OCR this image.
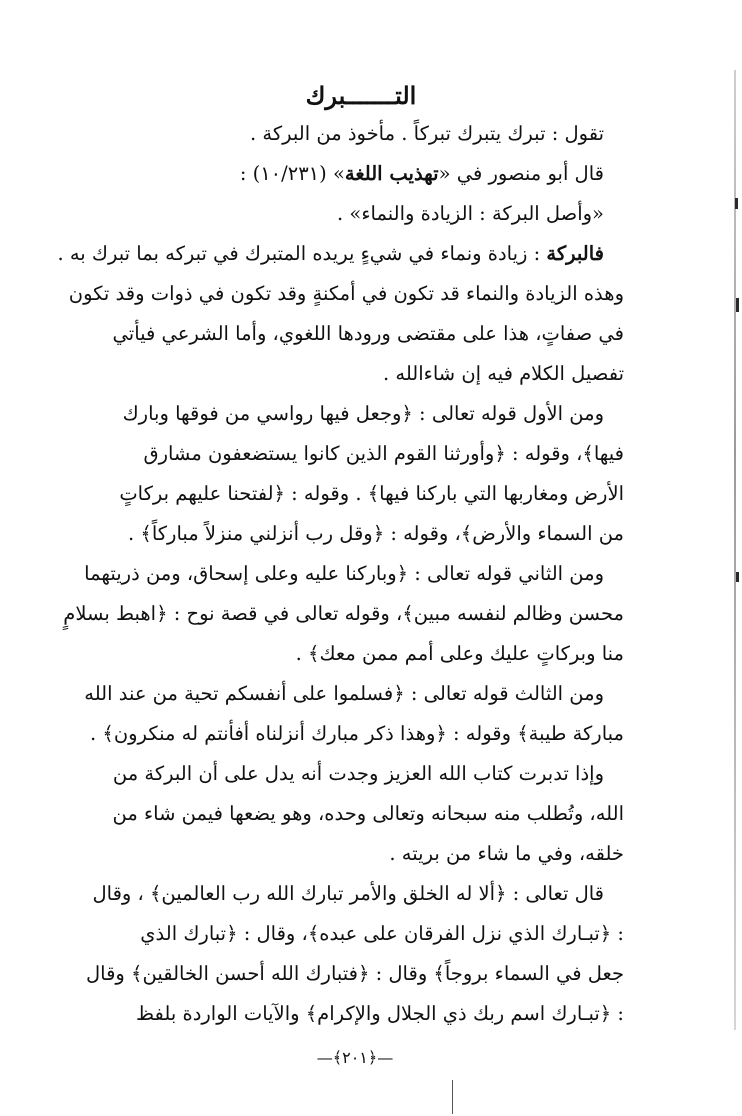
التـــــــبرك

تقول : تبرك يتبرك تبركاً . مأخوذ من البركة .

قال أبو منصور في «تهذيب اللغة» (١٠/٢٣١) :

«وأصل البركة : الزيادة والنماء» .

فالبركة : زيادة ونماء في شيءٍ يريده المتبرك في تبركه بما تبرك به .

وهذه الزيادة والنماء قد تكون في أمكنةٍ وقد تكون في ذوات وقد تكون
في صفاتٍ، هذا على مقتضى ورودها اللغوي، وأما الشرعي فيأتي
تفصيل الكلام فيه إن شاءالله .

ومن الأول قوله تعالى : ﴿وجعل فيها رواسي من فوقها وبارك
فيها﴾، وقوله : ﴿وأورثنا القوم الذين كانوا يستضعفون مشارق
الأرض ومغاربها التي باركنا فيها﴾ . وقوله : ﴿لفتحنا عليهم بركاتٍ
من السماء والأرض﴾، وقوله : ﴿وقل رب أنزلني منزلاً مباركاً﴾ .

ومن الثاني قوله تعالى : ﴿وباركنا عليه وعلى إسحاق، ومن ذريتهما
محسن وظالم لنفسه مبين﴾، وقوله تعالى في قصة نوح : ﴿اهبط بسلامٍ
منا وبركاتٍ عليك وعلى أمم ممن معك﴾ .

ومن الثالث قوله تعالى : ﴿فسلموا على أنفسكم تحية من عند الله
مباركة طيبة﴾ وقوله : ﴿وهذا ذكر مبارك أنزلناه أفأنتم له منكرون﴾ .

وإذا تدبرت كتاب الله العزيز وجدت أنه يدل على أن البركة من
الله، وتُطلب منه سبحانه وتعالى وحده، وهو يضعها فيمن شاء من
خلقه، وفي ما شاء من بريته .

قال تعالى : ﴿ألا له الخلق والأمر تبارك الله رب العالمين﴾ ، وقال
: ﴿تبـارك الذي نزل الفرقان على عبده﴾، وقال : ﴿تبارك الذي
جعل في السماء بروجاً﴾ وقال : ﴿فتبارك الله أحسن الخالقين﴾ وقال
: ﴿تبـارك اسم ربك ذي الجلال والإكرام﴾ والآيات الواردة بلفظ

—﴿٢٠١﴾—
